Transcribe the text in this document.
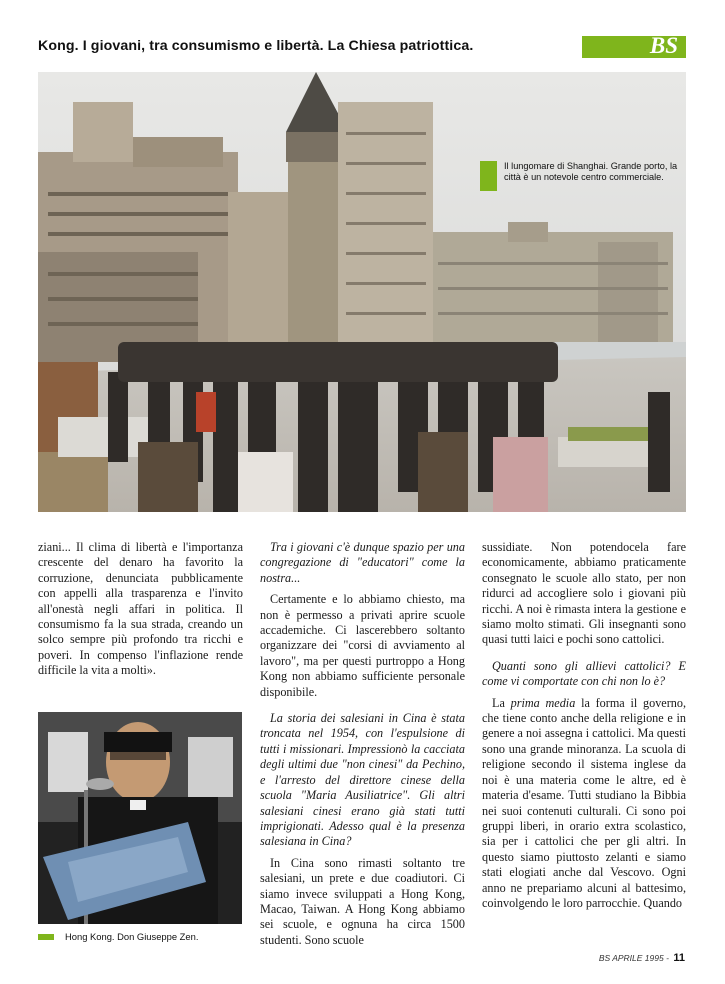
Kong. I giovani, tra consumismo e libertà. La Chiesa patriottica.	BS
Il lungomare di Shanghai. Grande porto, la città è un notevole centro commerciale.

ziani... Il clima di libertà e l'importanza crescente del denaro ha favorito la corruzione, denunciata pubblicamente con appelli alla trasparenza e l'invito all'onestà negli affari in politica. Il consumismo fa la sua strada, creando un solco sempre più profondo tra ricchi e poveri. In compenso l'inflazione rende difficile la vita a molti».

Hong Kong. Don Giuseppe Zen.

Tra i giovani c'è dunque spazio per una congregazione di "educatori" come la nostra...

Certamente e lo abbiamo chiesto, ma non è permesso a privati aprire scuole accademiche. Ci lascerebbero soltanto organizzare dei "corsi di avviamento al lavoro", ma per questi purtroppo a Hong Kong non abbiamo sufficiente personale disponibile.

La storia dei salesiani in Cina è stata troncata nel 1954, con l'espulsione di tutti i missionari. Impressionò la cacciata degli ultimi due "non cinesi" da Pechino, e l'arresto del direttore cinese della scuola "Maria Ausiliatrice". Gli altri salesiani cinesi erano già stati tutti imprigionati. Adesso qual è la presenza salesiana in Cina?

In Cina sono rimasti soltanto tre salesiani, un prete e due coadiutori. Ci siamo invece sviluppati a Hong Kong, Macao, Taiwan. A Hong Kong abbiamo sei scuole, e ognuna ha circa 1500 studenti. Sono scuole

sussidiate. Non potendocela fare economicamente, abbiamo praticamente consegnato le scuole allo stato, per non ridurci ad accogliere solo i giovani più ricchi. A noi è rimasta intera la gestione e siamo molto stimati. Gli insegnanti sono quasi tutti laici e pochi sono cattolici.

Quanti sono gli allievi cattolici? E come vi comportate con chi non lo è?

La prima media la forma il governo, che tiene conto anche della religione e in genere a noi assegna i cattolici. Ma questi sono una grande minoranza. La scuola di religione secondo il sistema inglese da noi è una materia come le altre, ed è materia d'esame. Tutti studiano la Bibbia nei suoi contenuti culturali. Ci sono poi gruppi liberi, in orario extra scolastico, sia per i cattolici che per gli altri. In questo siamo piuttosto zelanti e siamo stati elogiati anche dal Vescovo. Ogni anno ne prepariamo alcuni al battesimo, coinvolgendo le loro parrocchie. Quando

BS APRILE 1995 - 11
